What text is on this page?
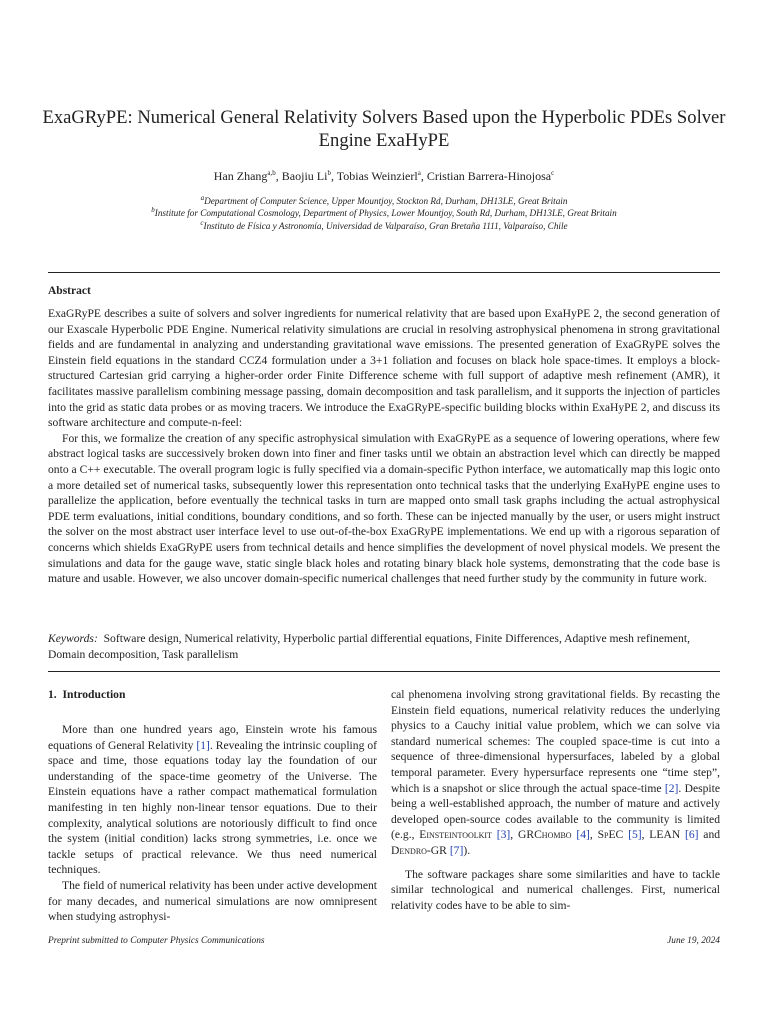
ExaGRyPE: Numerical General Relativity Solvers Based upon the Hyperbolic PDEs Solver Engine ExaHyPE
Han Zhang$^{a,b}$, Baojiu Li$^b$, Tobias Weinzierl$^a$, Cristian Barrera-Hinojosa$^c$
$^a$Department of Computer Science, Upper Mountjoy, Stockton Rd, Durham, DH13LE, Great Britain
$^b$Institute for Computational Cosmology, Department of Physics, Lower Mountjoy, South Rd, Durham, DH13LE, Great Britain
$^c$Instituto de Física y Astronomía, Universidad de Valparaíso, Gran Bretaña 1111, Valparaíso, Chile
Abstract

ExaGRyPE describes a suite of solvers and solver ingredients for numerical relativity that are based upon ExaHyPE 2, the second generation of our Exascale Hyperbolic PDE Engine. Numerical relativity simulations are crucial in resolving astrophysical phenomena in strong gravitational fields and are fundamental in analyzing and understanding gravitational wave emissions. The presented generation of ExaGRyPE solves the Einstein field equations in the standard CCZ4 formulation under a 3+1 foliation and focuses on black hole space-times. It employs a block-structured Cartesian grid carrying a higher-order order Finite Difference scheme with full support of adaptive mesh refinement (AMR), it facilitates massive parallelism combining message passing, domain decomposition and task parallelism, and it supports the injection of particles into the grid as static data probes or as moving tracers. We introduce the ExaGRyPE-specific building blocks within ExaHyPE 2, and discuss its software architecture and compute-n-feel:

For this, we formalize the creation of any specific astrophysical simulation with ExaGRyPE as a sequence of lowering operations, where few abstract logical tasks are successively broken down into finer and finer tasks until we obtain an abstraction level which can directly be mapped onto a C++ executable. The overall program logic is fully specified via a domain-specific Python interface, we automatically map this logic onto a more detailed set of numerical tasks, subsequently lower this representation onto technical tasks that the underlying ExaHyPE engine uses to parallelize the application, before eventually the technical tasks in turn are mapped onto small task graphs including the actual astrophysical PDE term evaluations, initial conditions, boundary conditions, and so forth. These can be injected manually by the user, or users might instruct the solver on the most abstract user interface level to use out-of-the-box ExaGRyPE implementations. We end up with a rigorous separation of concerns which shields ExaGRyPE users from technical details and hence simplifies the development of novel physical models. We present the simulations and data for the gauge wave, static single black holes and rotating binary black hole systems, demonstrating that the code base is mature and usable. However, we also uncover domain-specific numerical challenges that need further study by the community in future work.

Keywords: Software design, Numerical relativity, Hyperbolic partial differential equations, Finite Differences, Adaptive mesh refinement, Domain decomposition, Task parallelism
1. Introduction

More than one hundred years ago, Einstein wrote his famous equations of General Relativity [1]. Revealing the intrinsic coupling of space and time, those equations today lay the foundation of our understanding of the space-time geometry of the Universe. The Einstein equations have a rather compact mathematical formulation manifesting in ten highly non-linear tensor equations. Due to their complexity, analytical solutions are notoriously difficult to find once the system (initial condition) lacks strong symmetries, i.e. once we tackle setups of practical relevance. We thus need numerical techniques.

The field of numerical relativity has been under active development for many decades, and numerical simulations are now omnipresent when studying astrophysi-

cal phenomena involving strong gravitational fields. By recasting the Einstein field equations, numerical relativity reduces the underlying physics to a Cauchy initial value problem, which we can solve via standard numerical schemes: The coupled space-time is cut into a sequence of three-dimensional hypersurfaces, labeled by a global temporal parameter. Every hypersurface represents one “time step”, which is a snapshot or slice through the actual space-time [2]. Despite being a well-established approach, the number of mature and actively developed open-source codes available to the community is limited (e.g., Einsteintoolkit [3], GRChombo [4], SpEC [5], LEAN [6] and Dendro-GR [7]).

The software packages share some similarities and have to tackle similar technological and numerical challenges. First, numerical relativity codes have to be able to sim-

Preprint submitted to Computer Physics Communications	June 19, 2024
